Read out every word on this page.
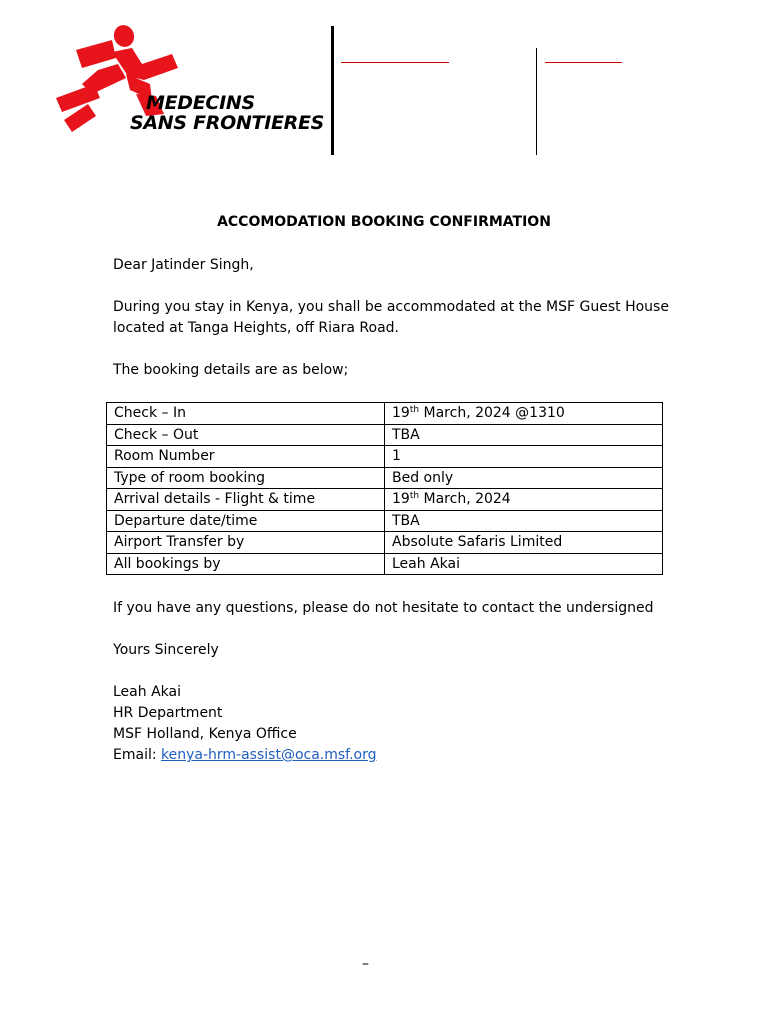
MEDECINS
SANS FRONTIERES
ACCOMODATION BOOKING CONFIRMATION
Dear Jatinder Singh,
During you stay in Kenya, you shall be accommodated at the MSF Guest House
located at Tanga Heights, off Riara Road.
The booking details are as below;
Check – In	19th March, 2024 @1310
Check – Out	TBA
Room Number	1
Type of room booking	Bed only
Arrival details - Flight & time	19th March, 2024
Departure date/time	TBA
Airport Transfer by	Absolute Safaris Limited
All bookings by	Leah Akai
If you have any questions, please do not hesitate to contact the undersigned
Yours Sincerely
Leah Akai
HR Department
MSF Holland, Kenya Office
Email: kenya-hrm-assist@oca.msf.org
–
